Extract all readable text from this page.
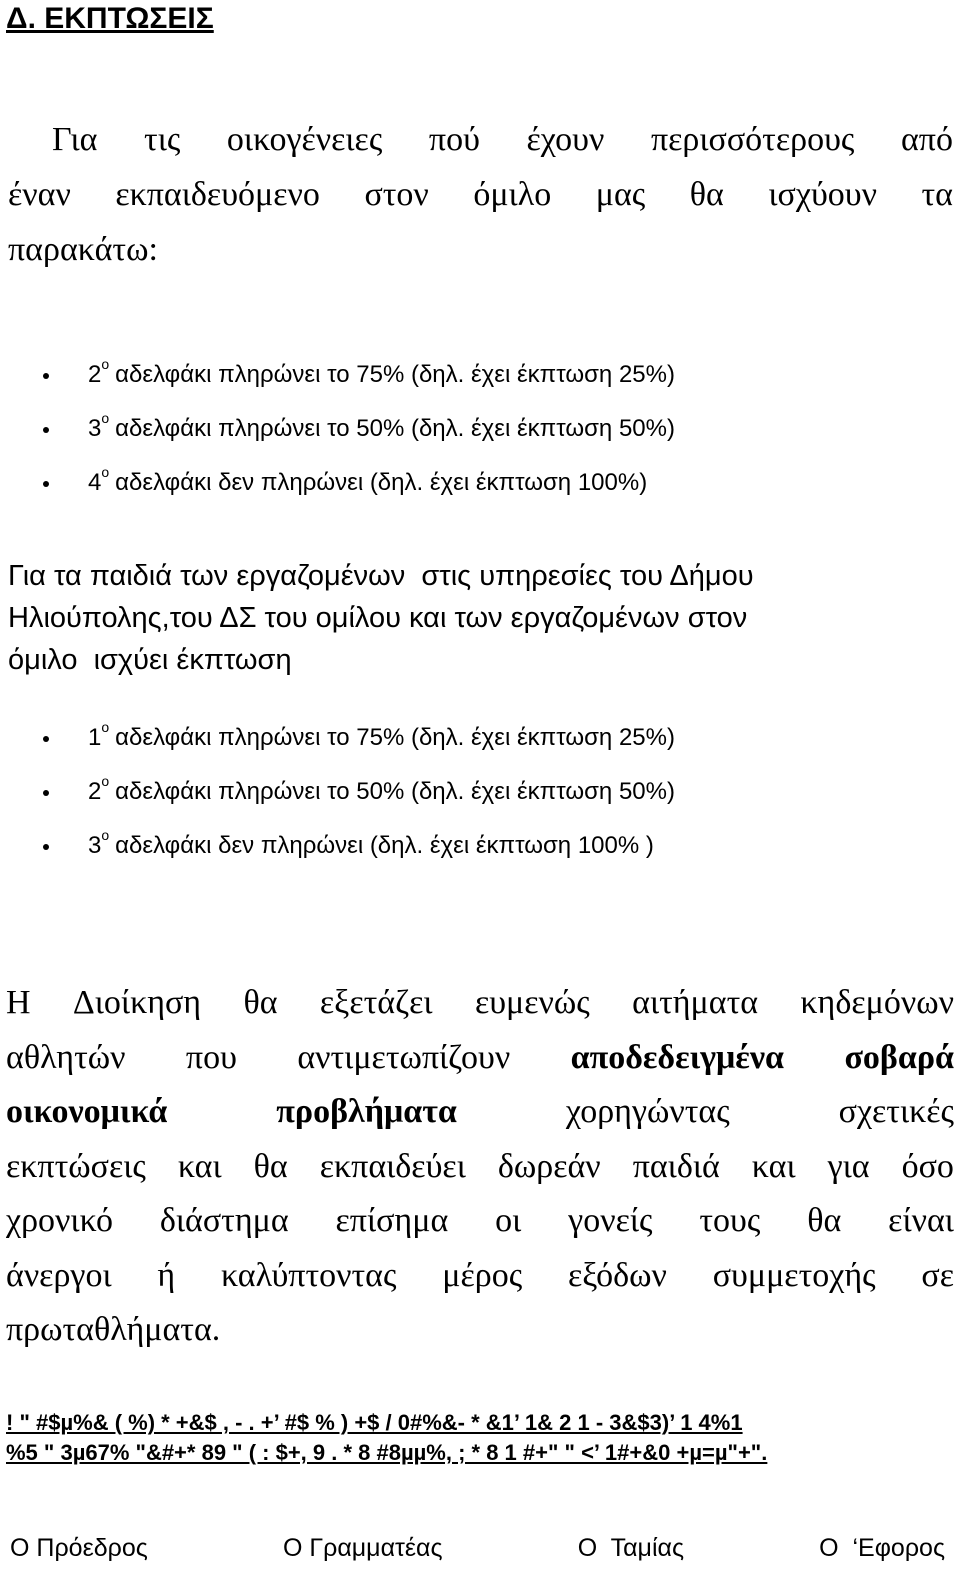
Δ. ΕΚΠΤΩΣΕΙΣ
Για τις οικογένειες πού έχουν περισσότερους από
έναν εκπαιδευόμενο στον όμιλο μας θα ισχύουν τα
παρακάτω:
$2^o$ αδελφάκι πληρώνει το 75% (δηλ. έχει έκπτωση 25%)
$3^o$ αδελφάκι πληρώνει το 50% (δηλ. έχει έκπτωση 50%)
$4^o$ αδελφάκι δεν πληρώνει (δηλ. έχει έκπτωση 100%)
Για τα παιδιά των εργαζομένων  στις υπηρεσίες του Δήμου
Ηλιούπολης,του ΔΣ του ομίλου και των εργαζομένων στον
όμιλο  ισχύει έκπτωση
$1^o$ αδελφάκι πληρώνει το 75% (δηλ. έχει έκπτωση 25%)
$2^o$ αδελφάκι πληρώνει το 50% (δηλ. έχει έκπτωση 50%)
$3^o$ αδελφάκι δεν πληρώνει (δηλ. έχει έκπτωση 100% )
Η Διοίκηση θα εξετάζει ευμενώς αιτήματα κηδεμόνων
αθλητών που αντιμετωπίζουν αποδεδειγμένα σοβαρά
οικονομικά	προβλήματα	χορηγώντας	σχετικές
εκπτώσεις και θα εκπαιδεύει δωρεάν παιδιά και για όσο
χρονικό διάστημα επίσημα οι γονείς τους θα είναι
άνεργοι ή καλύπτοντας μέρος εξόδων συμμετοχής σε
πρωταθλήματα.
! " #$µ%& ( %) * +&$ , - . +’ #$ % ) +$ / 0#%&- * &1’ 1& 2 1 - 3&$3)’ 1 4%1
%5 " 3µ67% "&#+* 89 " ( : $+, 9 . * 8 #8µµ%, ; * 8 1 #+" " <’ 1#+&0 +µ=µ"+".
Ο Πρόεδρος	Ο Γραμματέας	Ο  Ταμίας	Ο  ‘Εφορος
